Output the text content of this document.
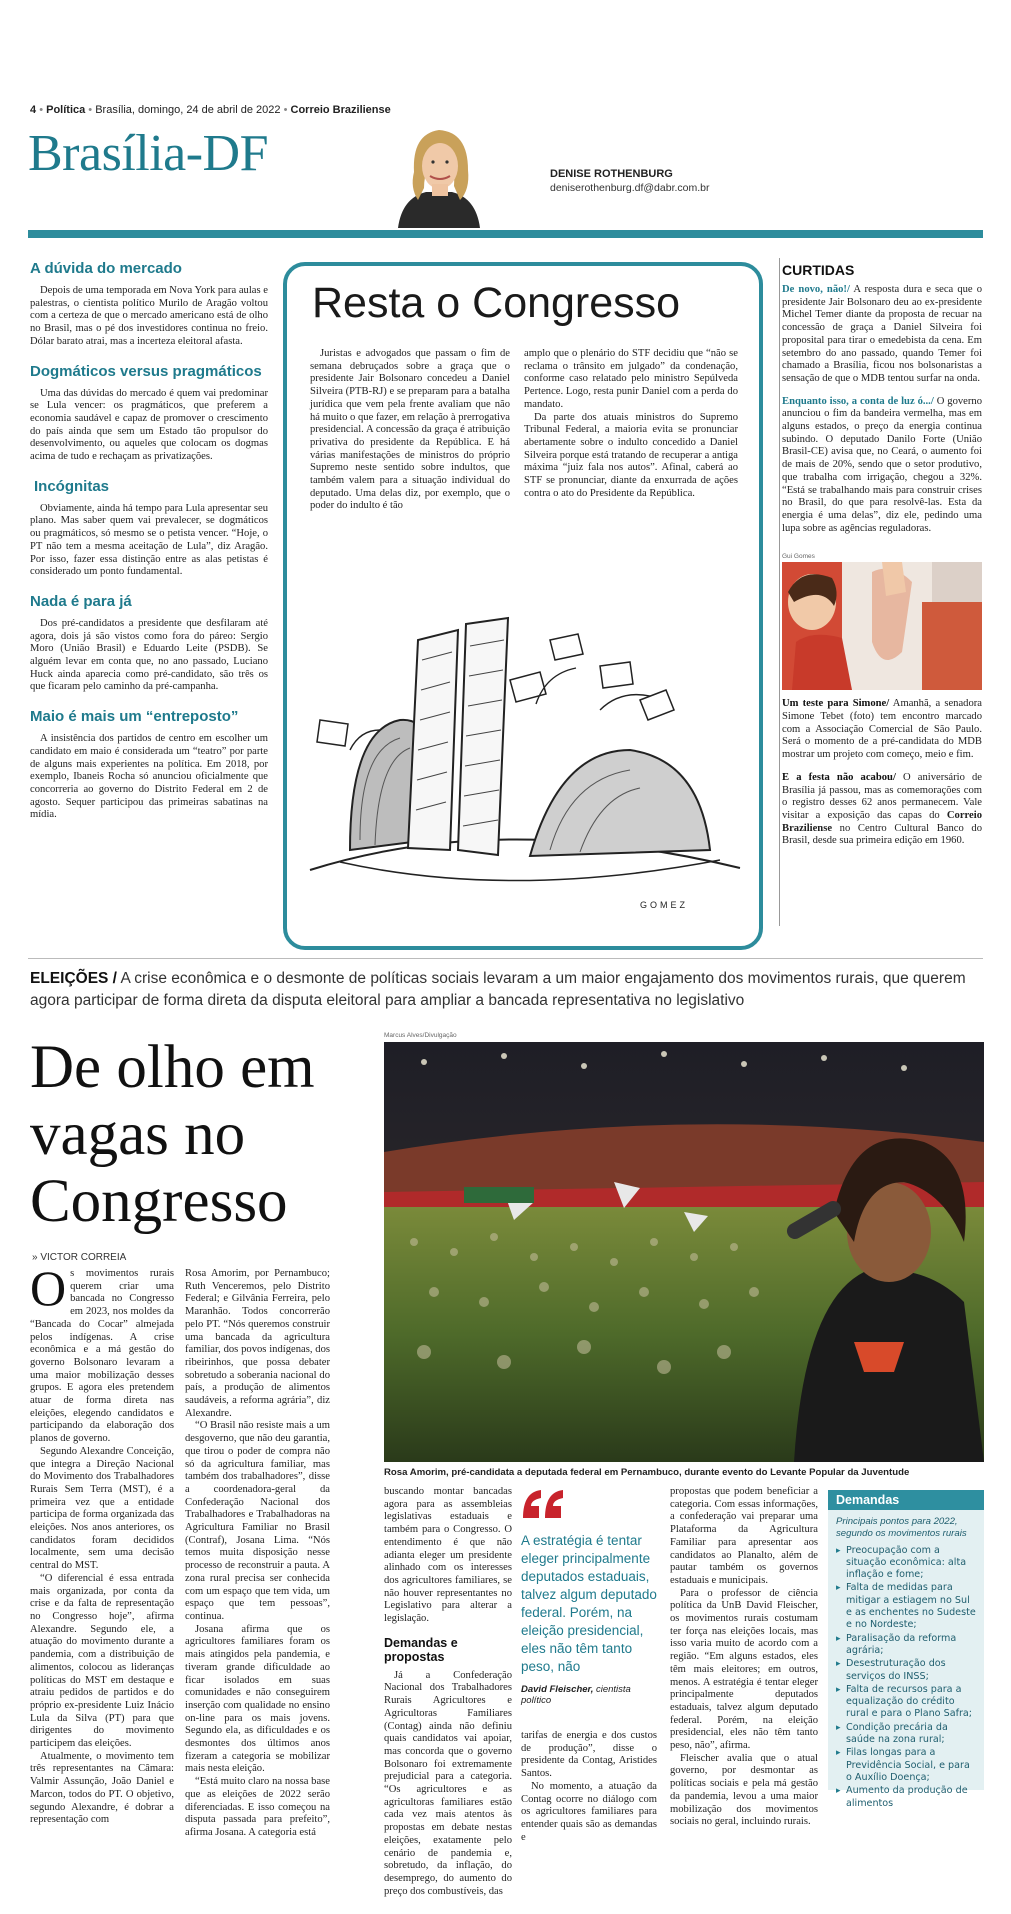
4 • Política • Brasília, domingo, 24 de abril de 2022 • Correio Braziliense
Brasília-DF	DENISE ROTHENBURG
deniserothenburg.df@dabr.com.br
A dúvida do mercado

Depois de uma temporada em Nova York para aulas e palestras, o cientista político Murilo de Aragão voltou com a certeza de que o mercado americano está de olho no Brasil, mas o pé dos investidores continua no freio. Dólar barato atrai, mas a incerteza eleitoral afasta.

Dogmáticos versus pragmáticos

Uma das dúvidas do mercado é quem vai predominar se Lula vencer: os pragmáticos, que preferem a economia saudável e capaz de promover o crescimento do país ainda que sem um Estado tão propulsor do desenvolvimento, ou aqueles que colocam os dogmas acima de tudo e rechaçam as privatizações.

Incógnitas

Obviamente, ainda há tempo para Lula apresentar seu plano. Mas saber quem vai prevalecer, se dogmáticos ou pragmáticos, só mesmo se o petista vencer. “Hoje, o PT não tem a mesma aceitação de Lula”, diz Aragão. Por isso, fazer essa distinção entre as alas petistas é considerado um ponto fundamental.

Nada é para já

Dos pré-candidatos a presidente que desfilaram até agora, dois já são vistos como fora do páreo: Sergio Moro (União Brasil) e Eduardo Leite (PSDB). Se alguém levar em conta que, no ano passado, Luciano Huck ainda aparecia como pré-candidato, são três os que ficaram pelo caminho da pré-campanha.

Maio é mais um “entreposto”

A insistência dos partidos de centro em escolher um candidato em maio é considerada um “teatro” por parte de alguns mais experientes na política. Em 2018, por exemplo, Ibaneis Rocha só anunciou oficialmente que concorreria ao governo do Distrito Federal em 2 de agosto. Sequer participou das primeiras sabatinas na mídia.

Resta o Congresso

Juristas e advogados que passam o fim de semana debruçados sobre a graça que o presidente Jair Bolsonaro concedeu a Daniel Silveira (PTB-RJ) e se preparam para a batalha jurídica que vem pela frente avaliam que não há muito o que fazer, em relação à prerrogativa presidencial. A concessão da graça é atribuição privativa do presidente da República. E há várias manifestações de ministros do próprio Supremo neste sentido sobre indultos, que também valem para a situação individual do deputado. Uma delas diz, por exemplo, que o poder do indulto é tão

amplo que o plenário do STF decidiu que “não se reclama o trânsito em julgado” da condenação, conforme caso relatado pelo ministro Sepúlveda Pertence. Logo, resta punir Daniel com a perda do mandato.

Da parte dos atuais ministros do Supremo Tribunal Federal, a maioria evita se pronunciar abertamente sobre o indulto concedido a Daniel Silveira porque está tratando de recuperar a antiga máxima “juiz fala nos autos”. Afinal, caberá ao STF se pronunciar, diante da enxurrada de ações contra o ato do Presidente da República.

GOMEZ
CURTIDAS

De novo, não!/ A resposta dura e seca que o presidente Jair Bolsonaro deu ao ex-presidente Michel Temer diante da proposta de recuar na concessão de graça a Daniel Silveira foi proposital para tirar o emedebista da cena. Em setembro do ano passado, quando Temer foi chamado a Brasília, ficou nos bolsonaristas a sensação de que o MDB tentou surfar na onda.

Enquanto isso, a conta de luz ó.../ O governo anunciou o fim da bandeira vermelha, mas em alguns estados, o preço da energia continua subindo. O deputado Danilo Forte (União Brasil-CE) avisa que, no Ceará, o aumento foi de mais de 20%, sendo que o setor produtivo, que trabalha com irrigação, chegou a 32%. “Está se trabalhando mais para construir crises no Brasil, do que para resolvê-las. Esta da energia é uma delas”, diz ele, pedindo uma lupa sobre as agências reguladoras.

Gui Gomes

Um teste para Simone/ Amanhã, a senadora Simone Tebet (foto) tem encontro marcado com a Associação Comercial de São Paulo. Será o momento de a pré-candidata do MDB mostrar um projeto com começo, meio e fim.

E a festa não acabou/ O aniversário de Brasília já passou, mas as comemorações com o registro desses 62 anos permanecem. Vale visitar a exposição das capas do Correio Braziliense no Centro Cultural Banco do Brasil, desde sua primeira edição em 1960.

ELEIÇÕES / A crise econômica e o desmonte de políticas sociais levaram a um maior engajamento dos movimentos rurais, que querem agora participar de forma direta da disputa eleitoral para ampliar a bancada representativa no legislativo
De olho em vagas no Congresso
» VICTOR CORREIA
Marcus Alves/Divulgação
Rosa Amorim, pré-candidata a deputada federal em Pernambuco, durante evento do Levante Popular da Juventude

O s movimentos rurais querem criar uma bancada no Congresso em 2023, nos moldes da “Bancada do Cocar” almejada pelos indígenas. A crise econômica e a má gestão do governo Bolsonaro levaram a uma maior mobilização desses grupos. E agora eles pretendem atuar de forma direta nas eleições, elegendo candidatos e participando da elaboração dos planos de governo.

Segundo Alexandre Conceição, que integra a Direção Nacional do Movimento dos Trabalhadores Rurais Sem Terra (MST), é a primeira vez que a entidade participa de forma organizada das eleições. Nos anos anteriores, os candidatos foram decididos localmente, sem uma decisão central do MST.

“O diferencial é essa entrada mais organizada, por conta da crise e da falta de representação no Congresso hoje”, afirma Alexandre. Segundo ele, a atuação do movimento durante a pandemia, com a distribuição de alimentos, colocou as lideranças políticas do MST em destaque e atraiu pedidos de partidos e do próprio ex-presidente Luiz Inácio Lula da Silva (PT) para que dirigentes do movimento participem das eleições.

Atualmente, o movimento tem três representantes na Câmara: Valmir Assunção, João Daniel e Marcon, todos do PT. O objetivo, segundo Alexandre, é dobrar a representação com

Rosa Amorim, por Pernambuco; Ruth Venceremos, pelo Distrito Federal; e Gilvânia Ferreira, pelo Maranhão. Todos concorrerão pelo PT. “Nós queremos construir uma bancada da agricultura familiar, dos povos indígenas, dos ribeirinhos, que possa debater sobretudo a soberania nacional do país, a produção de alimentos saudáveis, a reforma agrária”, diz Alexandre.

“O Brasil não resiste mais a um desgoverno, que não deu garantia, que tirou o poder de compra não só da agricultura familiar, mas também dos trabalhadores”, disse a coordenadora-geral da Confederação Nacional dos Trabalhadores e Trabalhadoras na Agricultura Familiar no Brasil (Contraf), Josana Lima. “Nós temos muita disposição nesse processo de reconstruir a pauta. A zona rural precisa ser conhecida com um espaço que tem vida, um espaço que tem pessoas”, continua.

Josana afirma que os agricultores familiares foram os mais atingidos pela pandemia, e tiveram grande dificuldade ao ficar isolados em suas comunidades e não conseguirem inserção com qualidade no ensino on-line para os mais jovens. Segundo ela, as dificuldades e os desmontes dos últimos anos fizeram a categoria se mobilizar mais nesta eleição.

“Está muito claro na nossa base que as eleições de 2022 serão diferenciadas. E isso começou na disputa passada para prefeito”, afirma Josana. A categoria está

buscando montar bancadas agora para as assembleias legislativas estaduais e também para o Congresso. O entendimento é que não adianta eleger um presidente alinhado com os interesses dos agricultores familiares, se não houver representantes no Legislativo para alterar a legislação.

Demandas e propostas

Já a Confederação Nacional dos Trabalhadores Rurais Agricultores e Agricultoras Familiares (Contag) ainda não definiu quais candidatos vai apoiar, mas concorda que o governo Bolsonaro foi extremamente prejudicial para a categoria. “Os agricultores e as agricultoras familiares estão cada vez mais atentos às propostas em debate nestas eleições, exatamente pelo cenário de pandemia e, sobretudo, da inflação, do desemprego, do aumento do preço dos combustíveis, das

A estratégia é tentar eleger principalmente deputados estaduais, talvez algum deputado federal. Porém, na eleição presidencial, eles não têm tanto peso, não
David Fleischer, cientista político

tarifas de energia e dos custos de produção”, disse o presidente da Contag, Aristides Santos.

No momento, a atuação da Contag ocorre no diálogo com os agricultores familiares para entender quais são as demandas e

propostas que podem beneficiar a categoria. Com essas informações, a confederação vai preparar uma Plataforma da Agricultura Familiar para apresentar aos candidatos ao Planalto, além de pautar também os governos estaduais e municipais.

Para o professor de ciência política da UnB David Fleischer, os movimentos rurais costumam ter força nas eleições locais, mas isso varia muito de acordo com a região. “Em alguns estados, eles têm mais eleitores; em outros, menos. A estratégia é tentar eleger principalmente deputados estaduais, talvez algum deputado federal. Porém, na eleição presidencial, eles não têm tanto peso, não”, afirma.

Fleischer avalia que o atual governo, por desmontar as políticas sociais e pela má gestão da pandemia, levou a uma maior mobilização dos movimentos sociais no geral, incluindo rurais.

Demandas
Principais pontos para 2022, segundo os movimentos rurais
▸ Preocupação com a situação econômica: alta inflação e fome;
▸ Falta de medidas para mitigar a estiagem no Sul e as enchentes no Sudeste e no Nordeste;
▸ Paralisação da reforma agrária;
▸ Desestruturação dos serviços do INSS;
▸ Falta de recursos para a equalização do crédito rural e para o Plano Safra;
▸ Condição precária da saúde na zona rural;
▸ Filas longas para a Previdência Social, e para o Auxílio Doença;
▸ Aumento da produção de alimentos
